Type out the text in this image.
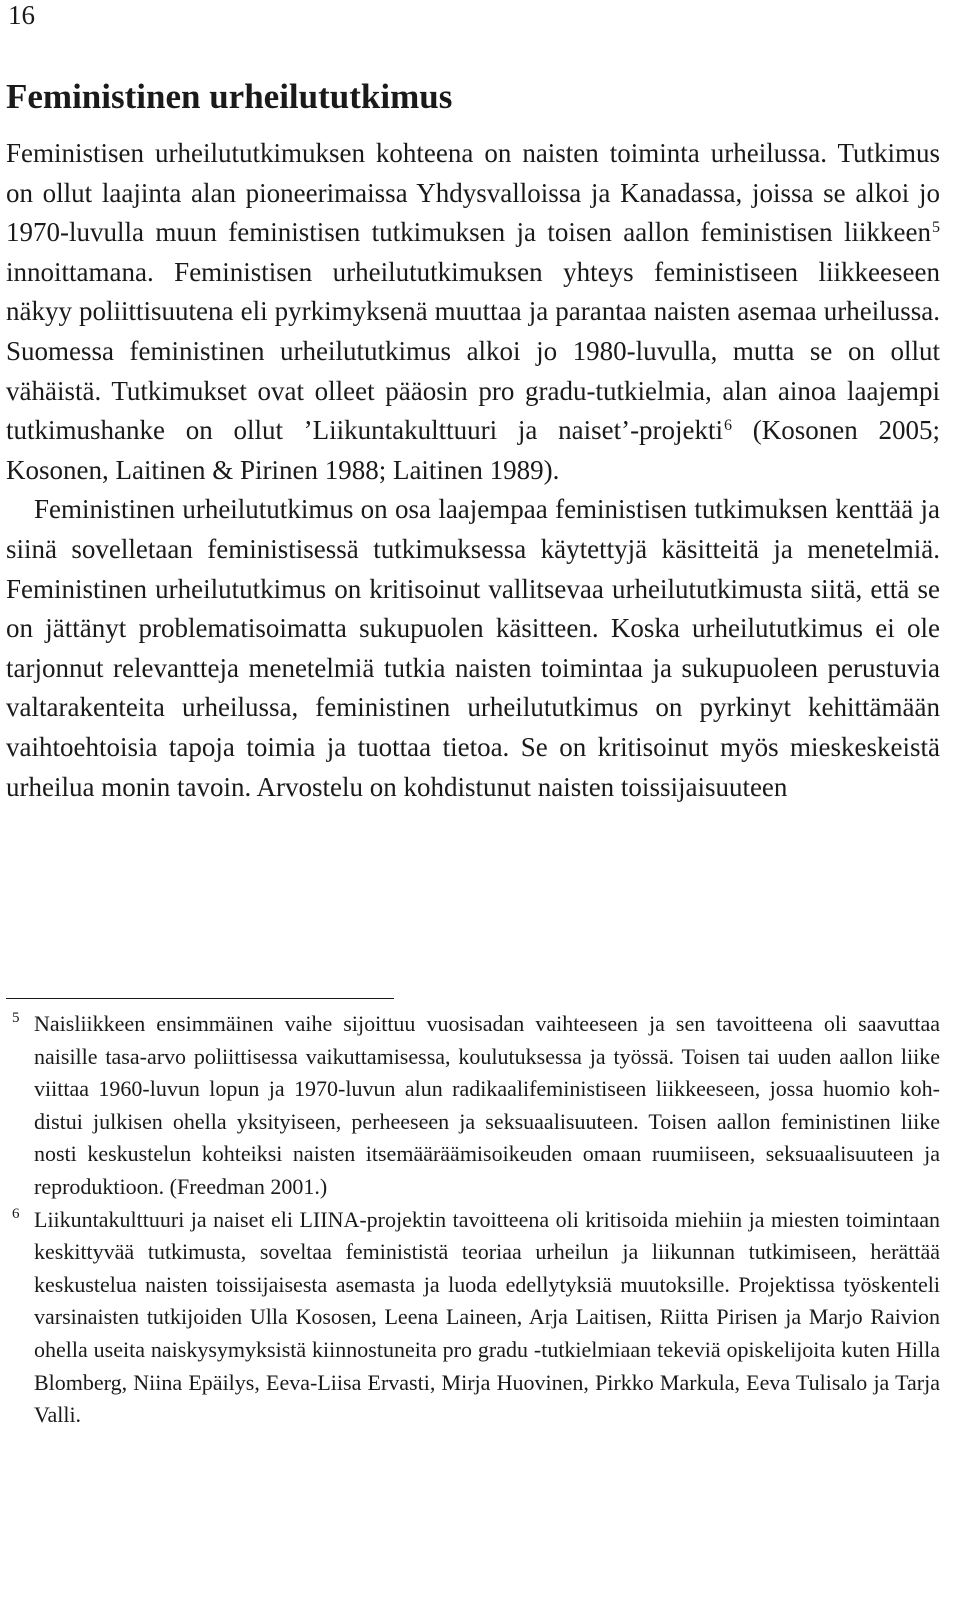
16
Feministinen urheilututkimus

Feministisen urheilututkimuksen kohteena on naisten toiminta urheilussa. Tutkimus on ollut laajinta alan pioneerimaissa Yhdysvalloissa ja Kanadassa, joissa se alkoi jo 1970-luvulla muun feministisen tutkimuksen ja toisen aallon feministisen liikkeen$^5$ innoittamana. Feministisen urheilututkimuksen yhteys feministiseen liikkeeseen näkyy poliittisuutena eli pyrkimyksenä muuttaa ja parantaa naisten asemaa urheilussa. Suomessa feministinen urheilututkimus alkoi jo 1980-luvulla, mutta se on ollut vähäistä. Tutkimukset ovat olleet pääosin pro gradu-tutkielmia, alan ainoa laajempi tutkimushanke on ollut ’Liikuntakulttuuri ja naiset’-projekti$^6$ (Kosonen 2005; Kosonen, Laitinen & Pirinen 1988; Laitinen 1989).

Feministinen urheilututkimus on osa laajempaa feministisen tutkimuksen kenttää ja siinä sovelletaan feministisessä tutkimuksessa käytettyjä käsitteitä ja menetelmiä. Feministinen urheilututkimus on kritisoinut vallitsevaa urheilututkimusta siitä, että se on jättänyt problematisoimatta sukupuolen käsitteen. Koska urheilututkimus ei ole tarjonnut relevantteja menetelmiä tutkia naisten toimintaa ja sukupuoleen perustuvia valtarakenteita urheilussa, feministinen urheilututkimus on pyrkinyt kehittämään vaihtoehtoisia tapoja toimia ja tuottaa tietoa. Se on kritisoinut myös mieskeskeistä urheilua monin tavoin. Arvostelu on kohdistunut naisten toissijaisuuteen

5 Naisliikkeen ensimmäinen vaihe sijoittuu vuosisadan vaihteeseen ja sen tavoitteena oli saavuttaa naisille tasa-arvo poliittisessa vaikuttamisessa, koulutuksessa ja työssä. Toisen tai uuden aallon liike viittaa 1960-luvun lopun ja 1970-luvun alun radikaalifeministiseen liikkeeseen, jossa huomio kohdistui julkisen ohella yksityiseen, perheeseen ja seksuaalisuuteen. Toisen aallon feministinen liike nosti keskustelun kohteiksi naisten itsemääräämisoikeuden omaan ruumiiseen, seksuaalisuuteen ja reproduktioon. (Freedman 2001.)
6 Liikuntakulttuuri ja naiset eli LIINA-projektin tavoitteena oli kritisoida miehiin ja miesten toimintaan keskittyvää tutkimusta, soveltaa feminististä teoriaa urheilun ja liikunnan tutkimiseen, herättää keskustelua naisten toissijaisesta asemasta ja luoda edellytyksiä muutoksille. Projektissa työskenteli varsinaisten tutkijoiden Ulla Kososen, Leena Laineen, Arja Laitisen, Riitta Pirisen ja Marjo Raivion ohella useita naiskysymyksistä kiinnostuneita pro gradu -tutkielmiaan tekeviä opiskelijoita kuten Hilla Blomberg, Niina Epäilys, Eeva-Liisa Ervasti, Mirja Huovinen, Pirkko Markula, Eeva Tulisalo ja Tarja Valli.
